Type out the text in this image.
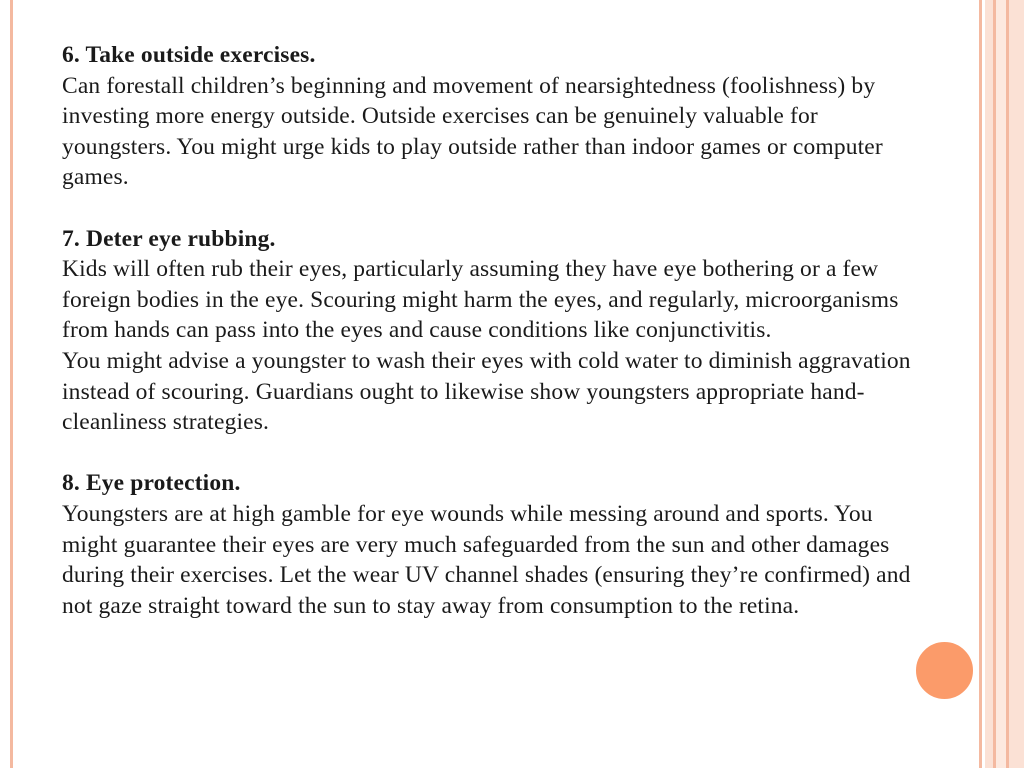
6. Take outside exercises.
Can forestall children’s beginning and movement of nearsightedness (foolishness) by investing more energy outside. Outside exercises can be genuinely valuable for youngsters. You might urge kids to play outside rather than indoor games or computer games.
7. Deter eye rubbing.
Kids will often rub their eyes, particularly assuming they have eye bothering or a few foreign bodies in the eye. Scouring might harm the eyes, and regularly, microorganisms from hands can pass into the eyes and cause conditions like conjunctivitis.
You might advise a youngster to wash their eyes with cold water to diminish aggravation instead of scouring. Guardians ought to likewise show youngsters appropriate hand-cleanliness strategies.
8. Eye protection.
Youngsters are at high gamble for eye wounds while messing around and sports. You might guarantee their eyes are very much safeguarded from the sun and other damages during their exercises. Let the wear UV channel shades (ensuring they’re confirmed) and not gaze straight toward the sun to stay away from consumption to the retina.
